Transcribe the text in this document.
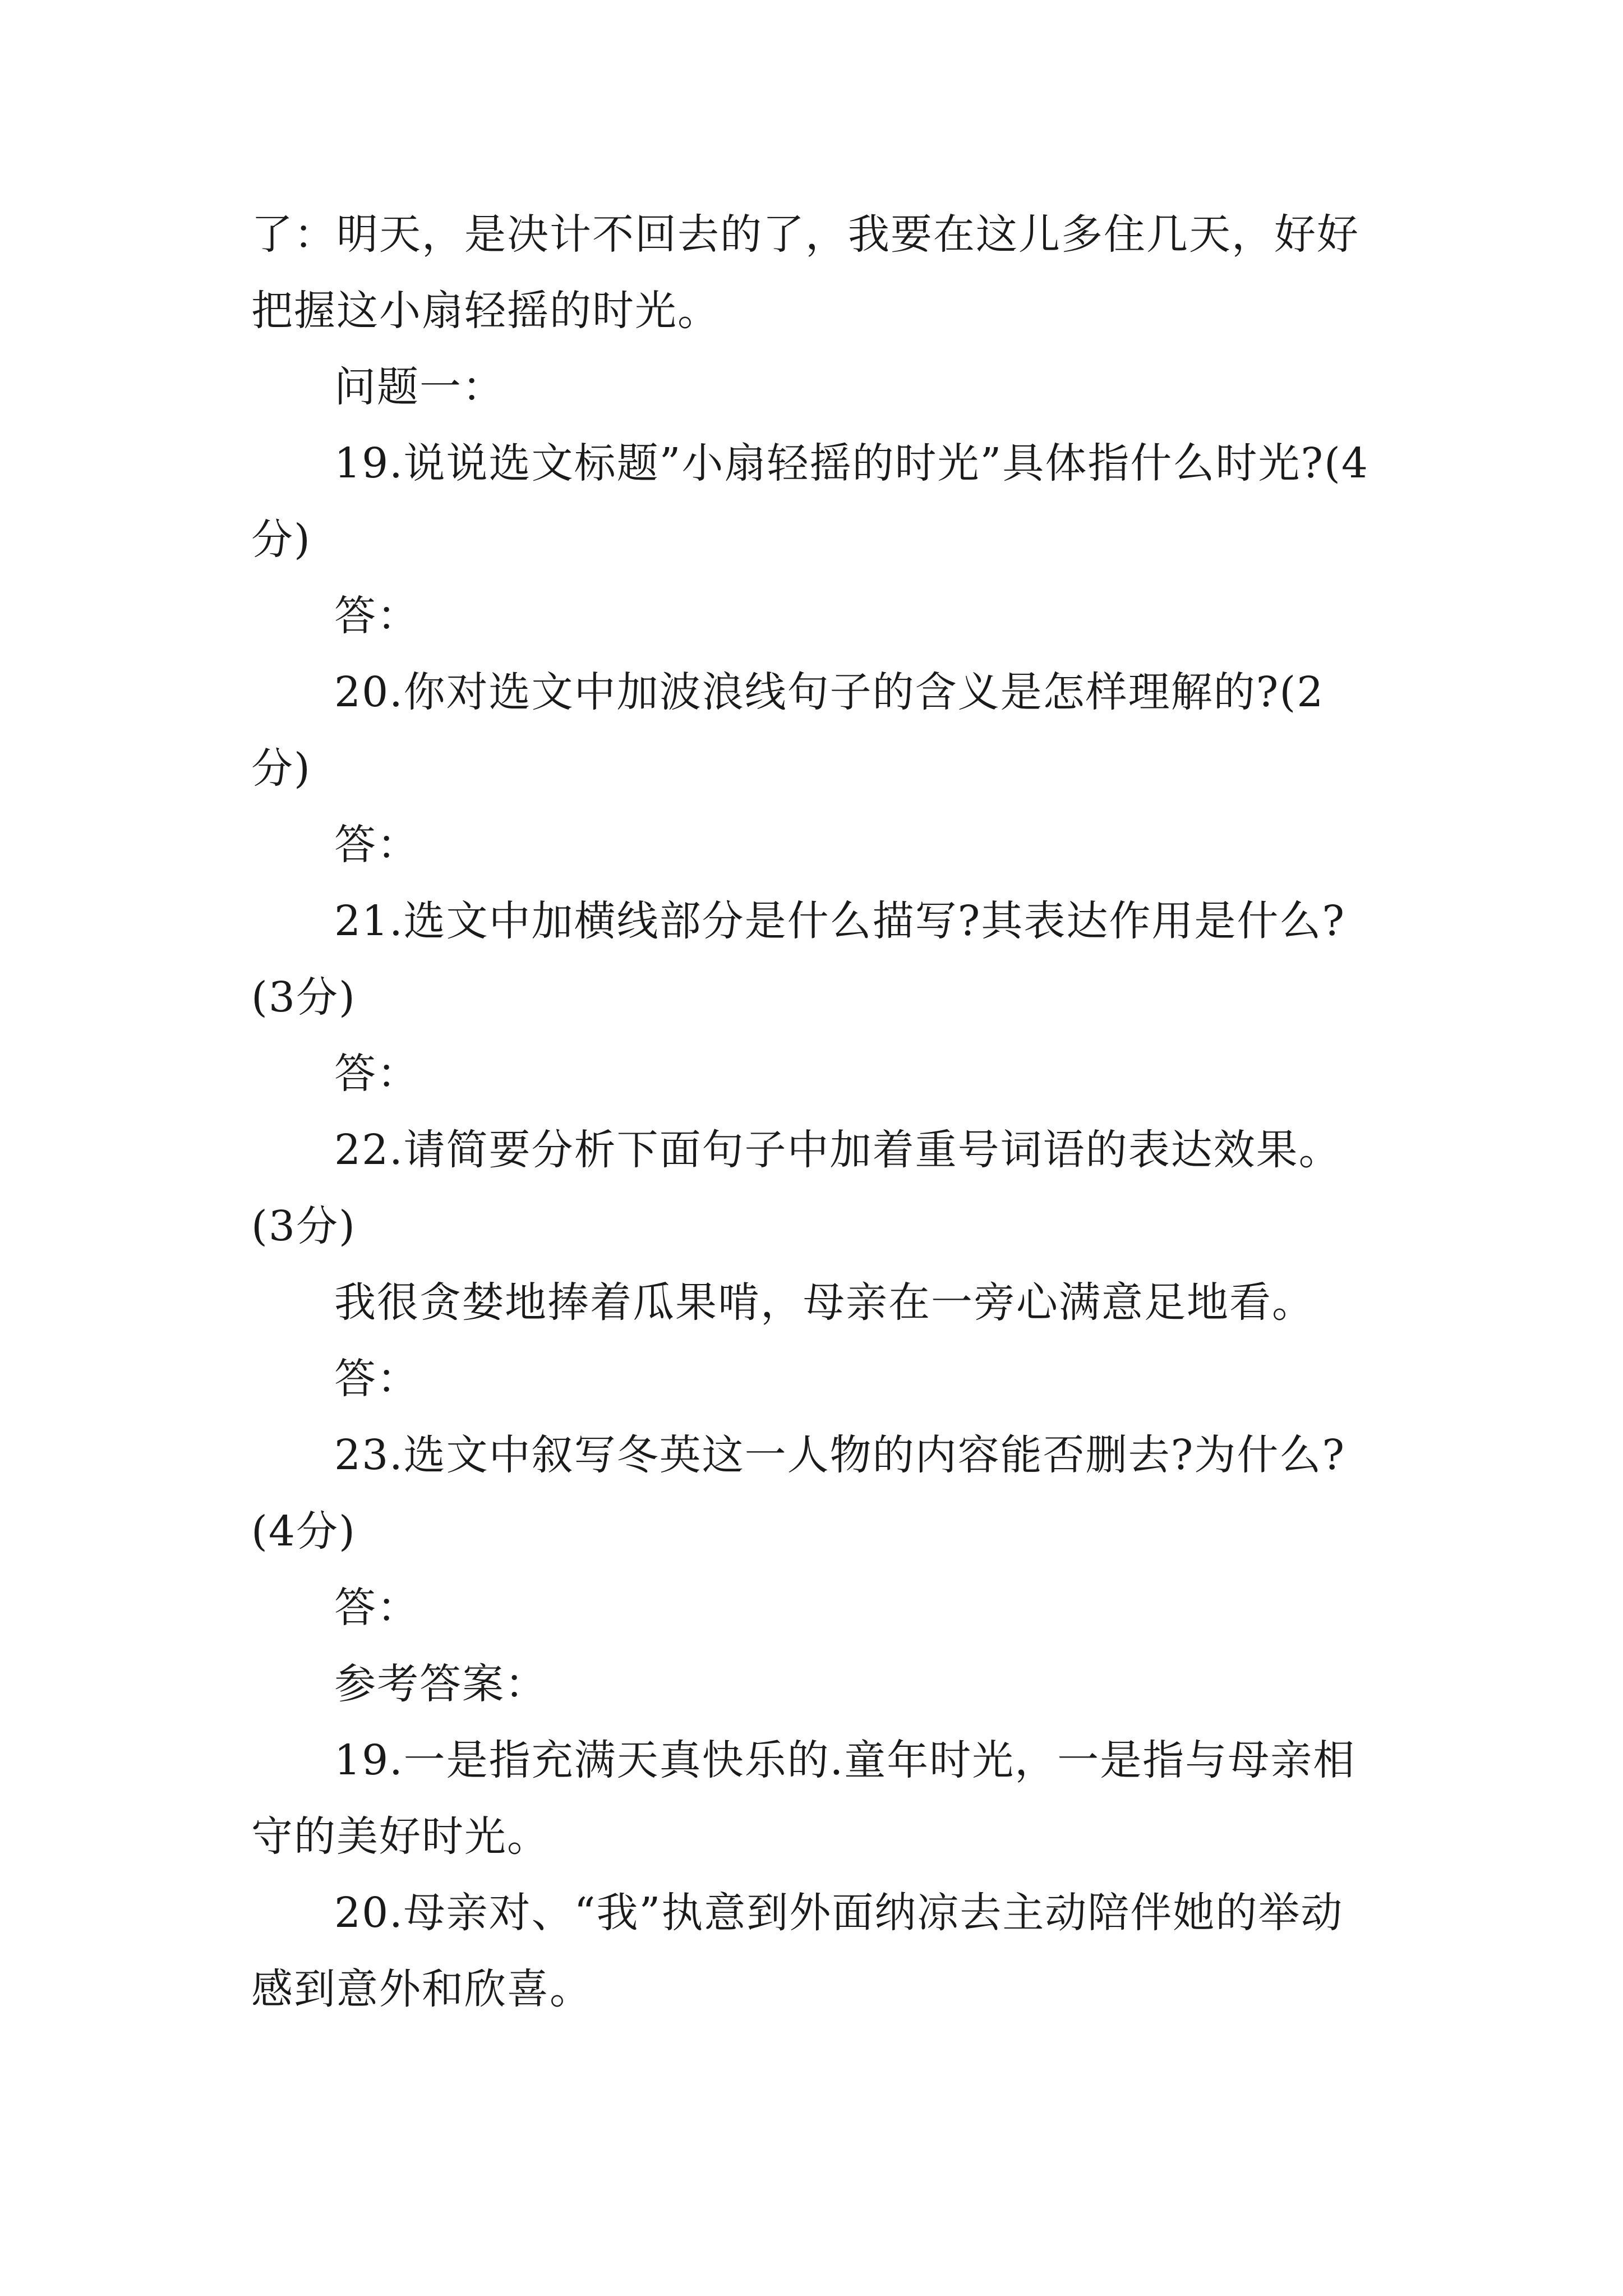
了：明天，是决计不回去的了，我要在这儿多住几天，好好把握这小扇轻摇的时光。

问题一：

19.说说选文标题”小扇轻摇的时光”具体指什么时光?(4分)

答：

20.你对选文中加波浪线句子的含义是怎样理解的?(2分)

答：

21.选文中加横线部分是什么描写?其表达作用是什么?(3分)

答：

22.请简要分析下面句子中加着重号词语的表达效果。(3分)

我很贪婪地捧着瓜果啃，母亲在一旁心满意足地看。

答：

23.选文中叙写冬英这一人物的内容能否删去?为什么?(4分)

答：

参考答案：

19.一是指充满天真快乐的.童年时光，一是指与母亲相守的美好时光。

20.母亲对、“我”执意到外面纳凉去主动陪伴她的举动感到意外和欣喜。
